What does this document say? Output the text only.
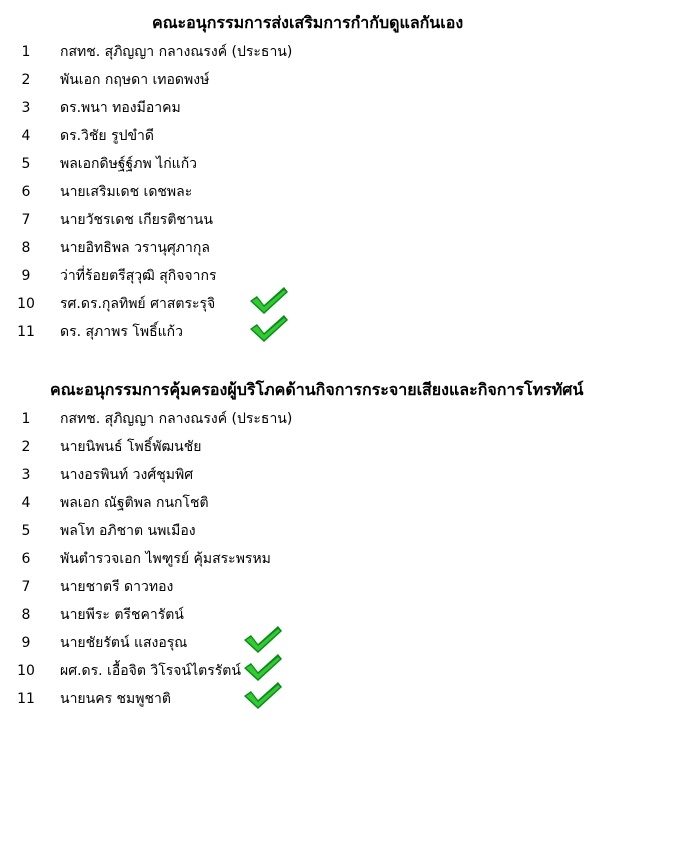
คณะอนุกรรมการส่งเสริมการกำกับดูแลกันเอง
1	กสทช. สุภิญญา กลางณรงค์ (ประธาน)
2	พันเอก กฤษดา เทอดพงษ์
3	ดร.พนา ทองมีอาคม
4	ดร.วิชัย รูปขำดี
5	พลเอกดิษฐ์ฐ์ภพ ไก่แก้ว
6	นายเสริมเดช เดชพละ
7	นายวัชรเดช เกียรติชานน
8	นายอิทธิพล วรานุศุภากุล
9	ว่าที่ร้อยตรีสุวุฒิ สุกิจจากร
10	รศ.ดร.กุลทิพย์ ศาสตระรุจิ
11	ดร. สุภาพร โพธิ์แก้ว
คณะอนุกรรมการคุ้มครองผู้บริโภคด้านกิจการกระจายเสียงและกิจการโทรทัศน์
1	กสทช. สุภิญญา กลางณรงค์ (ประธาน)
2	นายนิพนธ์ โพธิ์พัฒนชัย
3	นางอรพินท์ วงศ์ชุมพิศ
4	พลเอก ณัฐติพล กนกโชติ
5	พลโท อภิชาต นพเมือง
6	พันตำรวจเอก ไพฑูรย์ คุ้มสระพรหม
7	นายชาตรี ดาวทอง
8	นายพีระ ตรีชคารัตน์
9	นายชัยรัตน์ แสงอรุณ
10	ผศ.ดร. เอื้อจิต วิโรจน์ไตรรัตน์
11	นายนคร ชมพูชาติ
